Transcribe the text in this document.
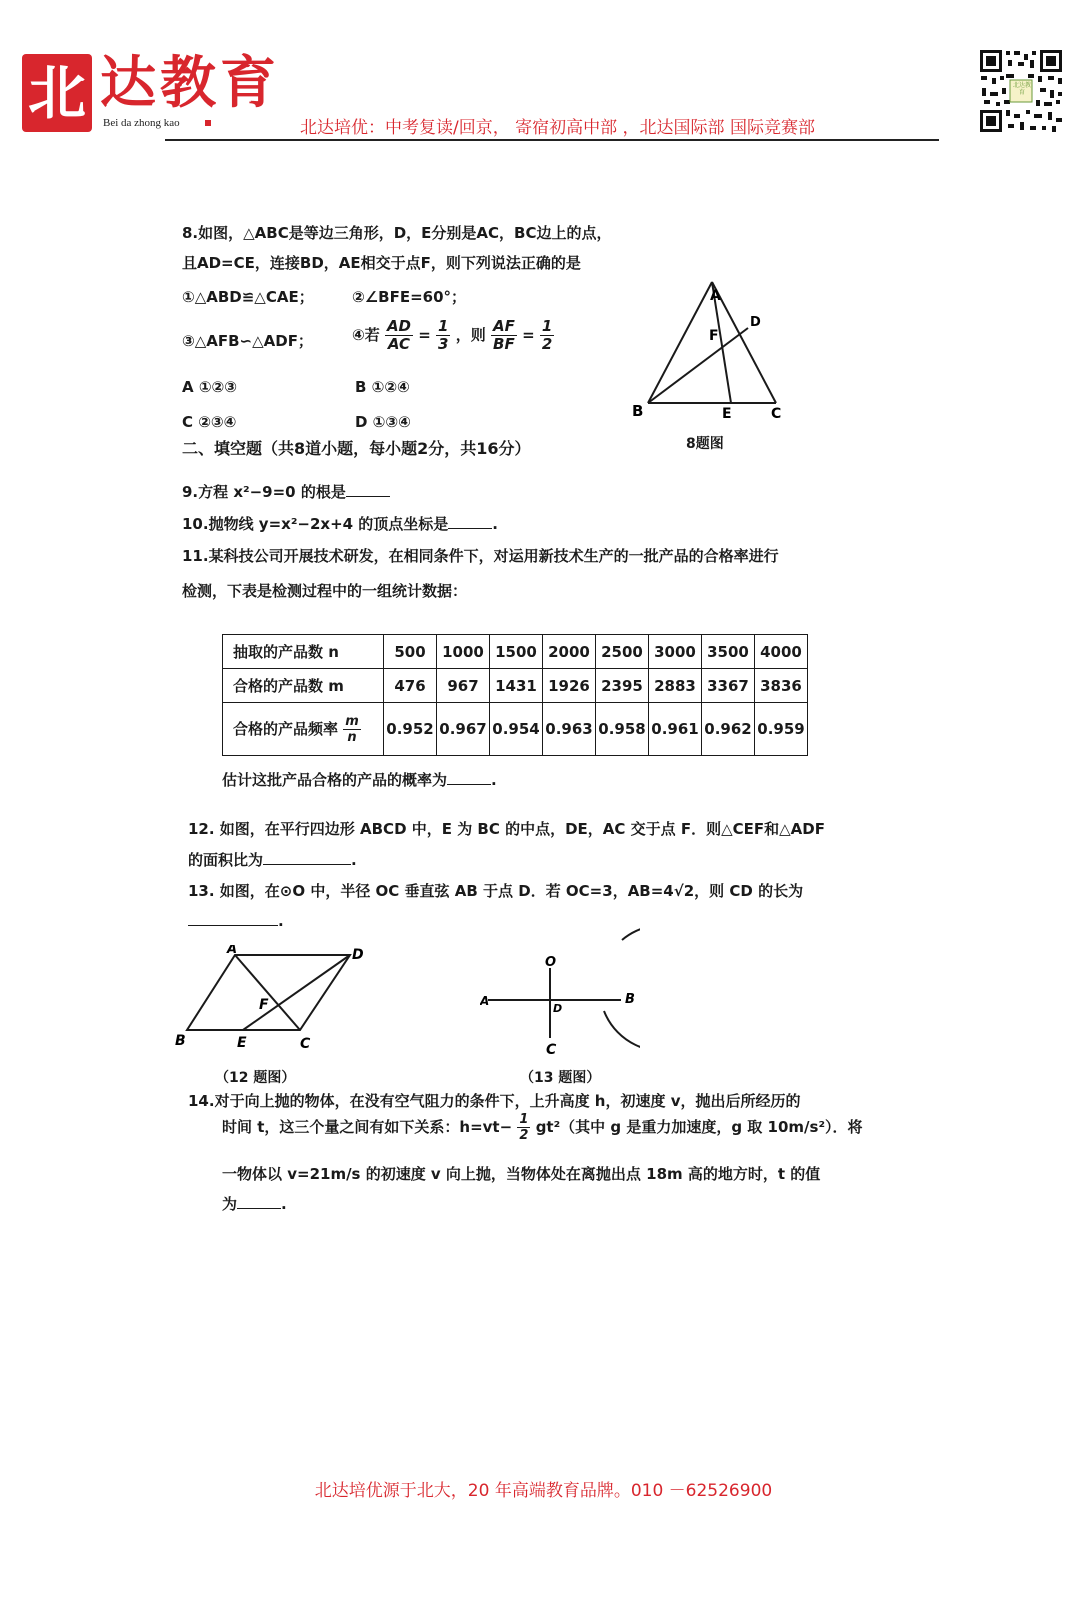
北 达教育
Bei da zhong kao	北达培优：中考复读/回京， 寄宿初高中部 ，北达国际部 国际竞赛部
北达教育
8.如图，△ABC是等边三角形，D，E分别是AC，BC边上的点，
且AD=CE，连接BD，AE相交于点F，则下列说法正确的是
①△ABD≌△CAE；	②∠BFE=60°；
③△AFB∽△ADF；	④若 $\frac{AD}{AC} = \frac{1}{3}$ ，则 $\frac{AF}{BF} = \frac{1}{2}$
A ①②③	B ①②④
C ②③④	D ①③④
A
B	C
D
E
F
8题图
二、填空题（共8道小题，每小题2分，共16分）
9.方程 x²−9=0 的根是
10.抛物线 y=x²−2x+4 的顶点坐标是	.
11.某科技公司开展技术研发，在相同条件下，对运用新技术生产的一批产品的合格率进行
检测，下表是检测过程中的一组统计数据：
抽取的产品数 n	500	1000	1500	2000	2500	3000	3500	4000
合格的产品数 m	476	967	1431	1926	2395	2883	3367	3836
合格的产品频率 $\frac{m}{n}$	0.952	0.967	0.954	0.963	0.958	0.961	0.962	0.959
估计这批产品合格的产品的概率为	.
12. 如图，在平行四边形 ABCD 中，E 为 BC 的中点，DE，AC 交于点 F．则△CEF和△ADF
的面积比为	.
13. 如图，在⊙O 中，半径 OC 垂直弦 AB 于点 D．若 OC=3，AB=4√2，则 CD 的长为
.
A
B	C
D
E
F
（12 题图）
O
A	B
C
D
（13 题图）
14.对于向上抛的物体，在没有空气阻力的条件下，上升高度 h，初速度 v，抛出后所经历的
时间 t，这三个量之间有如下关系：$h=vt- \frac{1}{2} gt^2$（其中 g 是重力加速度，g 取 10m/s²）．将
一物体以 v=21m/s 的初速度 v 向上抛，当物体处在离抛出点 18m 高的地方时，t 的值
为	.
北达培优源于北大，20 年高端教育品牌。010 －62526900
